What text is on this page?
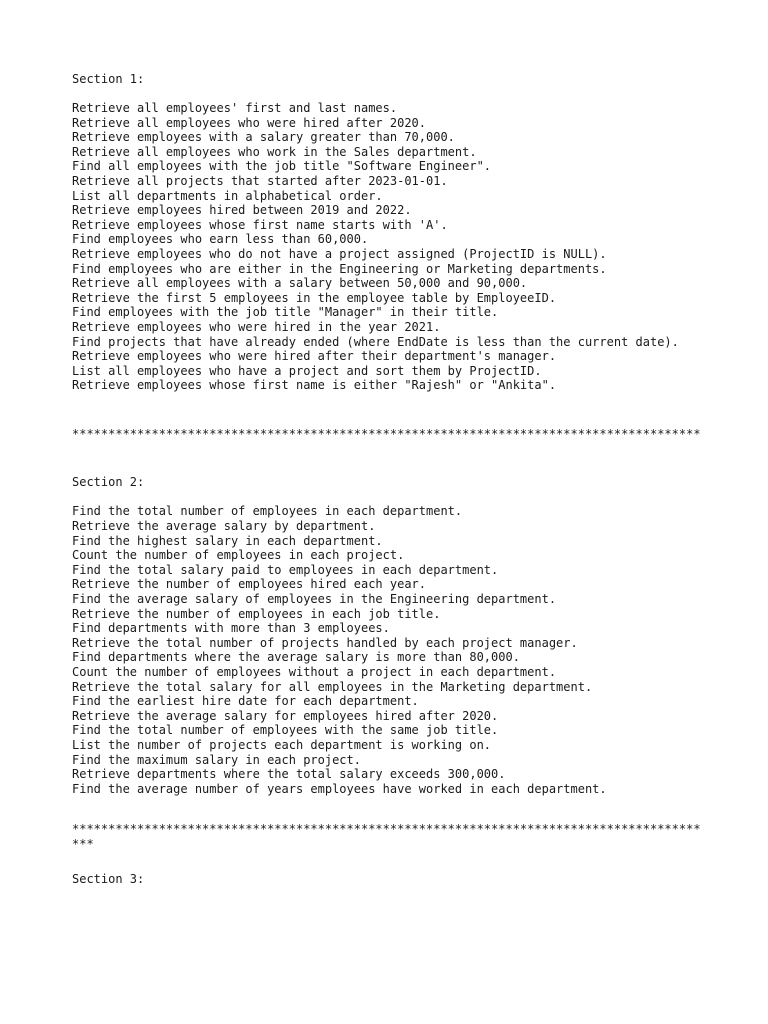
Section 1:

Retrieve all employees' first and last names.
Retrieve all employees who were hired after 2020.
Retrieve employees with a salary greater than 70,000.
Retrieve all employees who work in the Sales department.
Find all employees with the job title "Software Engineer".
Retrieve all projects that started after 2023-01-01.
List all departments in alphabetical order.
Retrieve employees hired between 2019 and 2022.
Retrieve employees whose first name starts with 'A'.
Find employees who earn less than 60,000.
Retrieve employees who do not have a project assigned (ProjectID is NULL).
Find employees who are either in the Engineering or Marketing departments.
Retrieve all employees with a salary between 50,000 and 90,000.
Retrieve the first 5 employees in the employee table by EmployeeID.
Find employees with the job title "Manager" in their title.
Retrieve employees who were hired in the year 2021.
Find projects that have already ended (where EndDate is less than the current date).
Retrieve employees who were hired after their department's manager.
List all employees who have a project and sort them by ProjectID.
Retrieve employees whose first name is either "Rajesh" or "Ankita".
***************************************************************************************

Section 2:

Find the total number of employees in each department.
Retrieve the average salary by department.
Find the highest salary in each department.
Count the number of employees in each project.
Find the total salary paid to employees in each department.
Retrieve the number of employees hired each year.
Find the average salary of employees in the Engineering department.
Retrieve the number of employees in each job title.
Find departments with more than 3 employees.
Retrieve the total number of projects handled by each project manager.
Find departments where the average salary is more than 80,000.
Count the number of employees without a project in each department.
Retrieve the total salary for all employees in the Marketing department.
Find the earliest hire date for each department.
Retrieve the average salary for employees hired after 2020.
Find the total number of employees with the same job title.
List the number of projects each department is working on.
Find the maximum salary in each project.
Retrieve departments where the total salary exceeds 300,000.
Find the average number of years employees have worked in each department.
******************************************************************************************

Section 3:
